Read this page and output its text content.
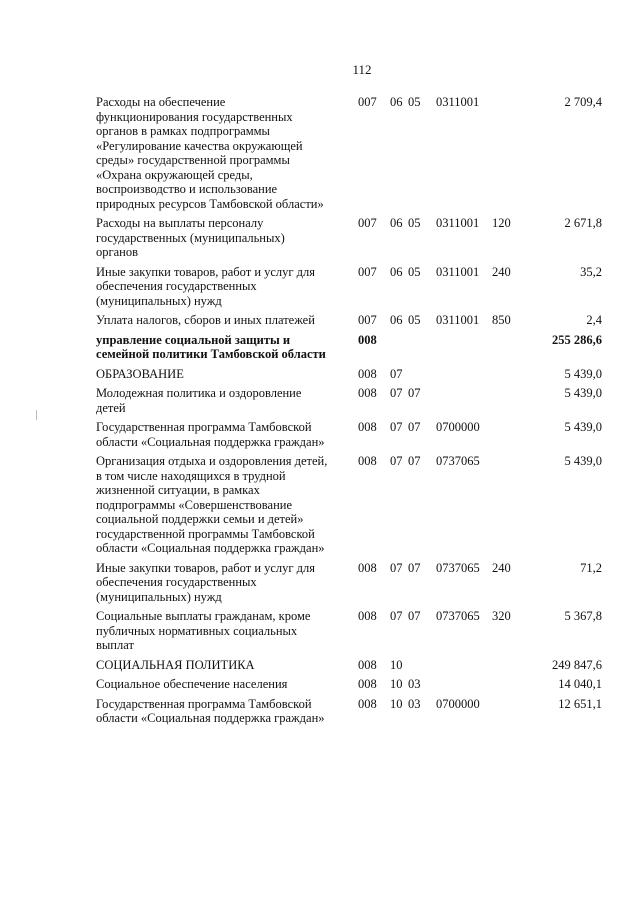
112
Расходы на обеспечение
функционирования государственных
органов в рамках подпрограммы
«Регулирование качества окружающей
среды» государственной программы
«Охрана окружающей среды,
воспроизводство и использование
природных ресурсов Тамбовской области»
007 06 05 0311001	2 709,4
Расходы на выплаты персоналу
государственных (муниципальных)
органов
007 06 05 0311001 120	2 671,8
Иные закупки товаров, работ и услуг для
обеспечения государственных
(муниципальных) нужд
007 06 05 0311001 240	35,2
Уплата налогов, сборов и иных платежей	007 06 05 0311001 850	2,4
управление социальной защиты и
семейной политики Тамбовской области
008	255 286,6
ОБРАЗОВАНИЕ	008 07	5 439,0
Молодежная политика и оздоровление
детей
008 07 07	5 439,0
Государственная программа Тамбовской
области «Социальная поддержка граждан»
008 07 07 0700000	5 439,0
Организация отдыха и оздоровления детей,
в том числе находящихся в трудной
жизненной ситуации, в рамках
подпрограммы «Совершенствование
социальной поддержки семьи и детей»
государственной программы Тамбовской
области «Социальная поддержка граждан»
008 07 07 0737065	5 439,0
Иные закупки товаров, работ и услуг для
обеспечения государственных
(муниципальных) нужд
008 07 07 0737065 240	71,2
Социальные выплаты гражданам, кроме
публичных нормативных социальных
выплат
008 07 07 0737065 320	5 367,8
СОЦИАЛЬНАЯ ПОЛИТИКА	008 10	249 847,6
Социальное обеспечение населения	008 10 03	14 040,1
Государственная программа Тамбовской
области «Социальная поддержка граждан»
008 10 03 0700000	12 651,1
